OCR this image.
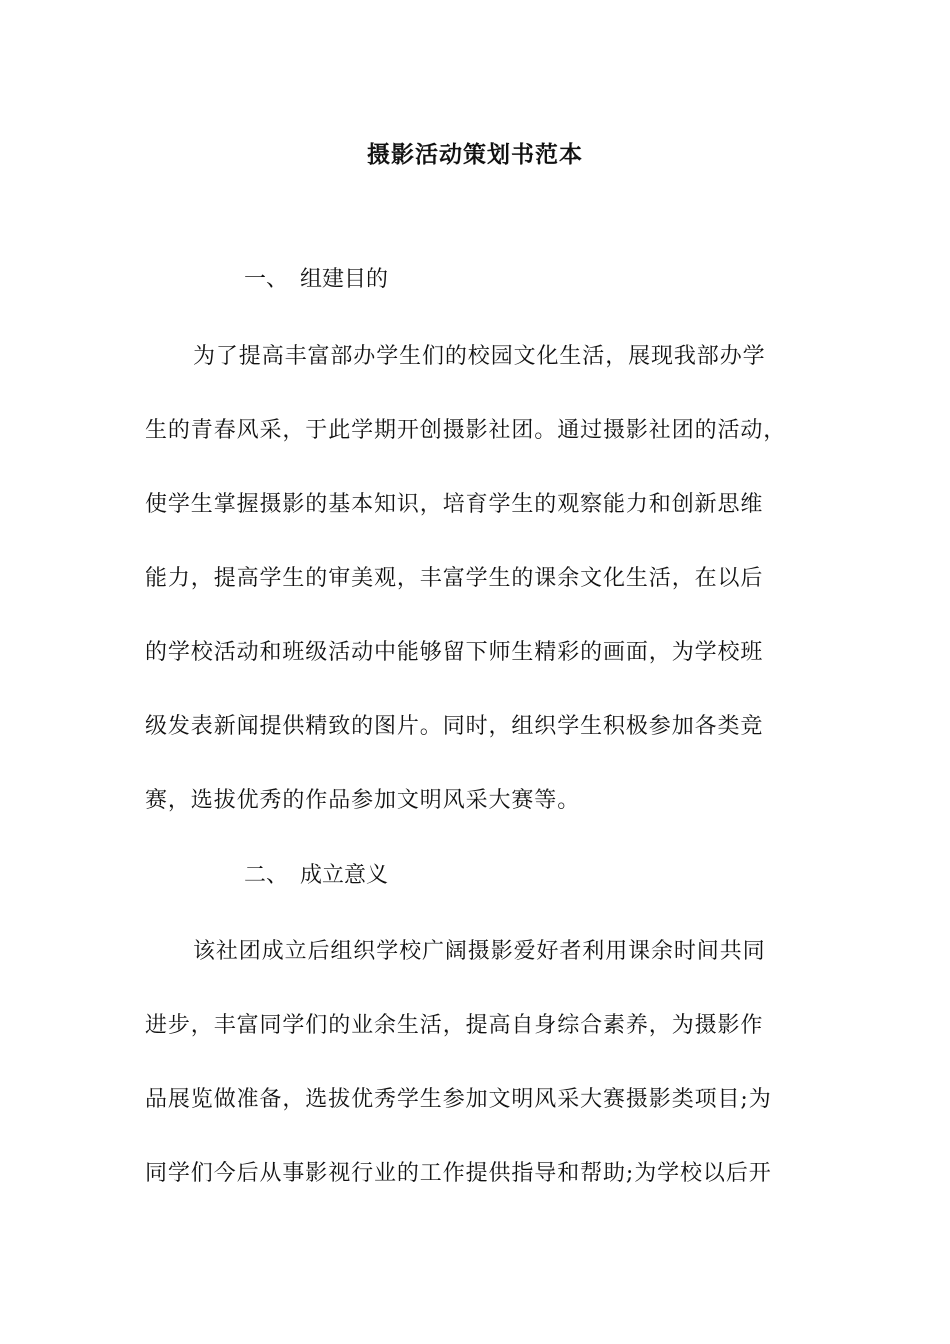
摄影活动策划书范本
一、 组建目的
为了提高丰富部办学生们的校园文化生活，展现我部办学
生的青春风采，于此学期开创摄影社团。通过摄影社团的活动，
使学生掌握摄影的基本知识，培育学生的观察能力和创新思维
能力，提高学生的审美观，丰富学生的课余文化生活，在以后
的学校活动和班级活动中能够留下师生精彩的画面，为学校班
级发表新闻提供精致的图片。同时，组织学生积极参加各类竞
赛，选拔优秀的作品参加文明风采大赛等。
二、 成立意义
该社团成立后组织学校广阔摄影爱好者利用课余时间共同
进步，丰富同学们的业余生活，提高自身综合素养，为摄影作
品展览做准备，选拔优秀学生参加文明风采大赛摄影类项目;为
同学们今后从事影视行业的工作提供指导和帮助;为学校以后开
